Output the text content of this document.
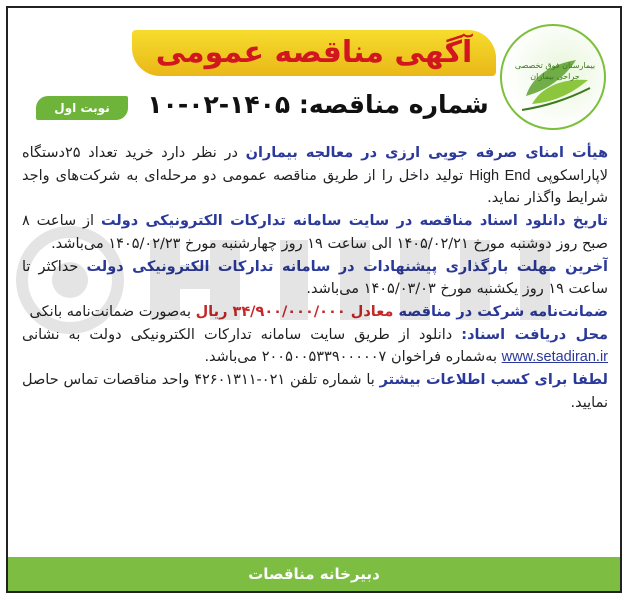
بیمارستان فوق تخصصی جراحی بیماران
آگهی مناقصه عمومی
شماره مناقصه: ۱۴۰۵-۰۲-۱۰
نوبت اول

هیأت امنای صرفه جویی ارزی در معالجه بیماران در نظر دارد خرید تعداد ۲۵دستگاه لاپاراسکوپی High End تولید داخل را از طریق مناقصه عمومی دو مرحله‌ای به شرکت‌های واجد شرایط واگذار نماید.

تاریخ دانلود اسناد مناقصه در سایت سامانه تدارکات الکترونیکی دولت از ساعت ۸ صبح روز دوشنبه مورخ ۱۴۰۵/۰۲/۲۱ الی ساعت ۱۹ روز چهارشنبه مورخ ۱۴۰۵/۰۲/۲۳ می‌باشد.

آخرین مهلت بارگذاری پیشنهادات در سامانه تدارکات الکترونیکی دولت حداکثر تا ساعت ۱۹ روز یکشنبه مورخ ۱۴۰۵/۰۳/۰۳ می‌باشد.

ضمانت‌نامه شرکت در مناقصه معادل ۳۴/۹۰۰/۰۰۰/۰۰۰ ریال به‌صورت ضمانت‌نامه بانکی

محل دریافت اسناد: دانلود از طریق سایت سامانه تدارکات الکترونیکی دولت به نشانی www.setadiran.ir به‌شماره فراخوان ۲۰۰۵۰۰۵۳۳۹۰۰۰۰۰۷ می‌باشد.

لطفا برای کسب اطلاعات بیشتر با شماره تلفن ۰۲۱-۴۲۶۰۱۳۱۱ واحد مناقصات تماس حاصل نمایید.

دبیرخانه مناقصات
